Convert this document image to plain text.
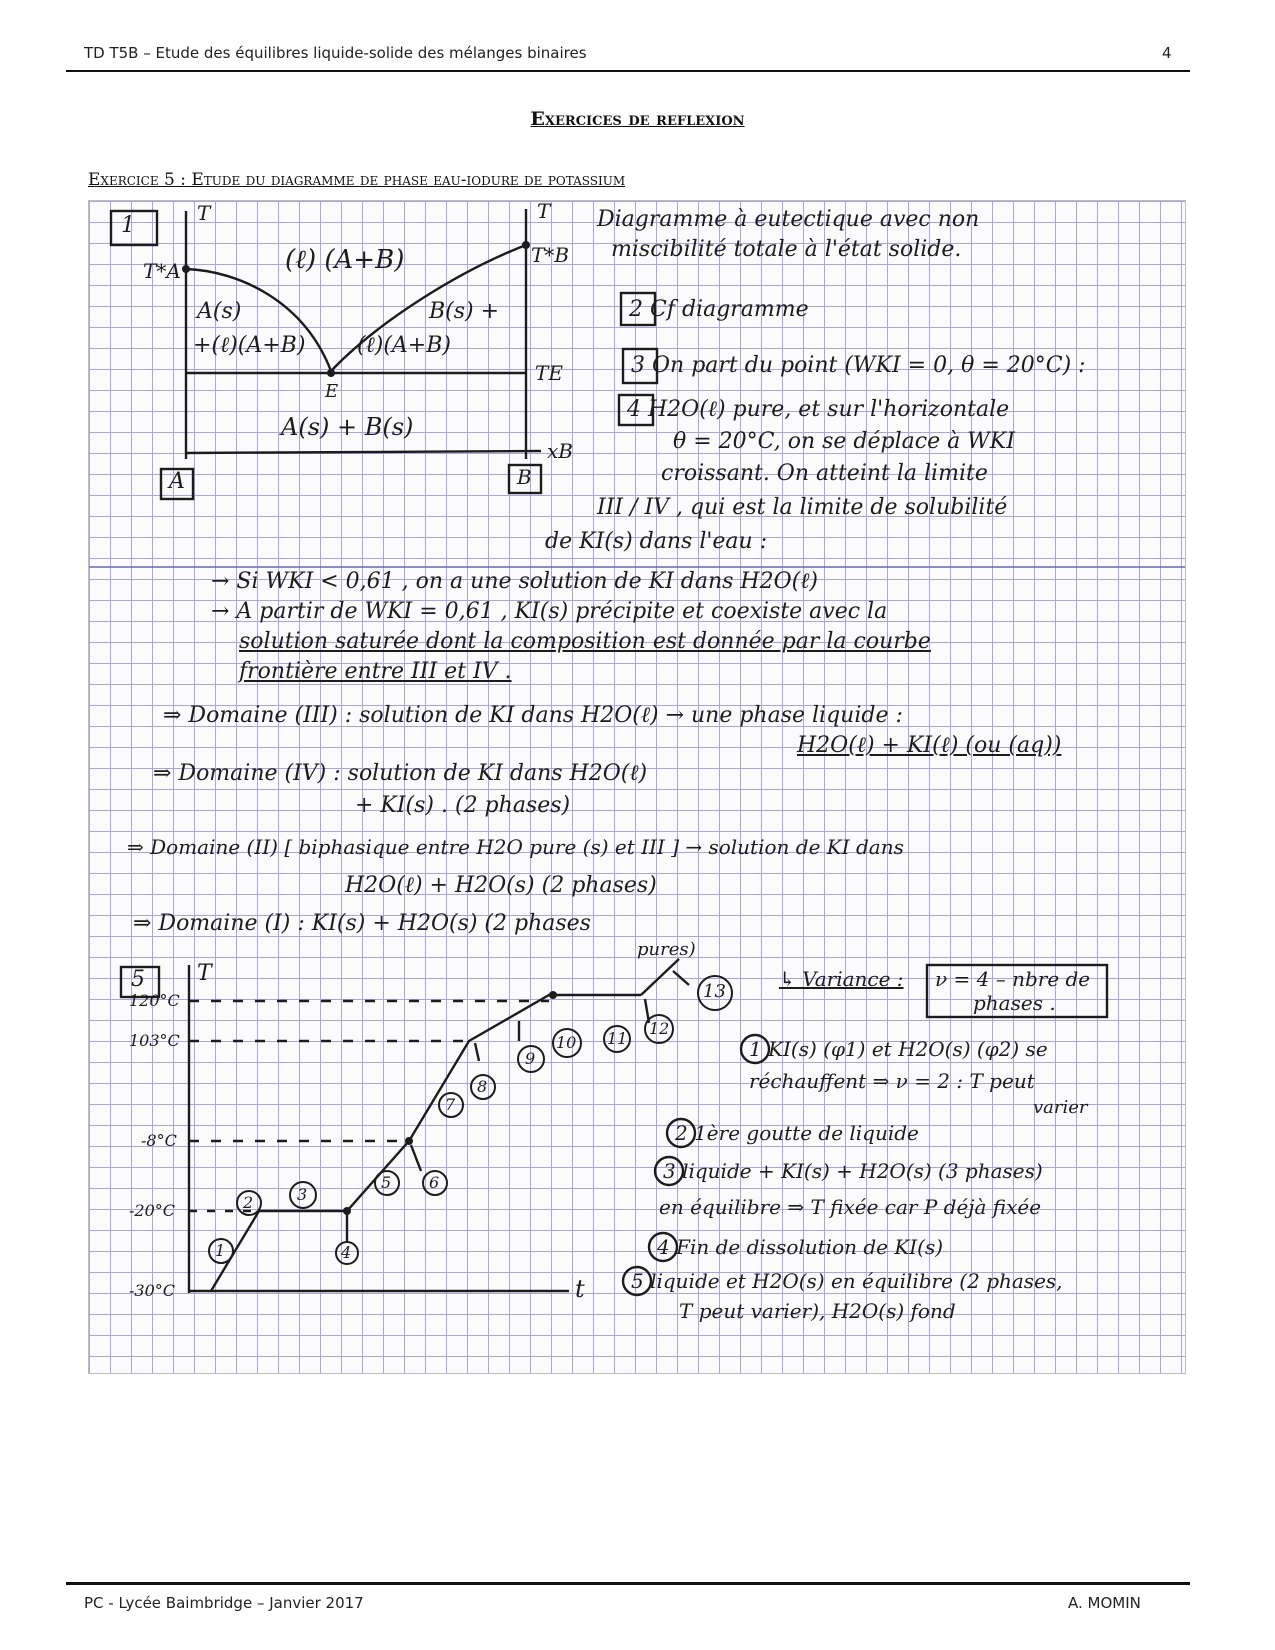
TD T5B – Etude des équilibres liquide-solide des mélanges binaires	4
Exercices de reflexion
Exercice 5 : Etude du diagramme de phase eau-iodure de potassium
1	T	T
T*A
T*B
(ℓ) (A+B)
A(s)
+(ℓ)(A+B)
B(s) +
(ℓ)(A+B)
E
TE
A(s) + B(s)
xB
A	B
Diagramme à eutectique avec non
miscibilité totale à l'état solide.
2 Cf diagramme
3 On part du point (WKI = 0, θ = 20°C) :
4 H2O(ℓ) pure, et sur l'horizontale
θ = 20°C, on se déplace à WKI
croissant. On atteint la limite
III / IV , qui est la limite de solubilité
de KI(s) dans l'eau :
→ Si WKI < 0,61 , on a une solution de KI dans H2O(ℓ)
→ A partir de WKI = 0,61 , KI(s) précipite et coexiste avec la
solution saturée dont la composition est donnée par la courbe
frontière entre III et IV .
⇒ Domaine (III) : solution de KI dans H2O(ℓ) → une phase liquide :
H2O(ℓ) + KI(ℓ) (ou (aq))
⇒ Domaine (IV) : solution de KI dans H2O(ℓ)
+ KI(s) . (2 phases)
⇒ Domaine (II) [ biphasique entre H2O pure (s) et III ] → solution de KI dans
H2O(ℓ) + H2O(s) (2 phases)
⇒ Domaine (I) : KI(s) + H2O(s) (2 phases
pures)
5 T
t
120°C
103°C
-8°C
-20°C
-30°C
1
2	3
4
5 6
7
8
9
10 11
12
13
↳ Variance : ν = 4 – nbre de
phases .
1 KI(s) (φ1) et H2O(s) (φ2) se
réchauffent ⇒ ν = 2 : T peut
varier
2 1ère goutte de liquide
3 liquide + KI(s) + H2O(s) (3 phases)
en équilibre ⇒ T fixée car P déjà fixée
4 Fin de dissolution de KI(s)
5 liquide et H2O(s) en équilibre (2 phases,
T peut varier), H2O(s) fond
PC - Lycée Baimbridge – Janvier 2017	A. MOMIN
